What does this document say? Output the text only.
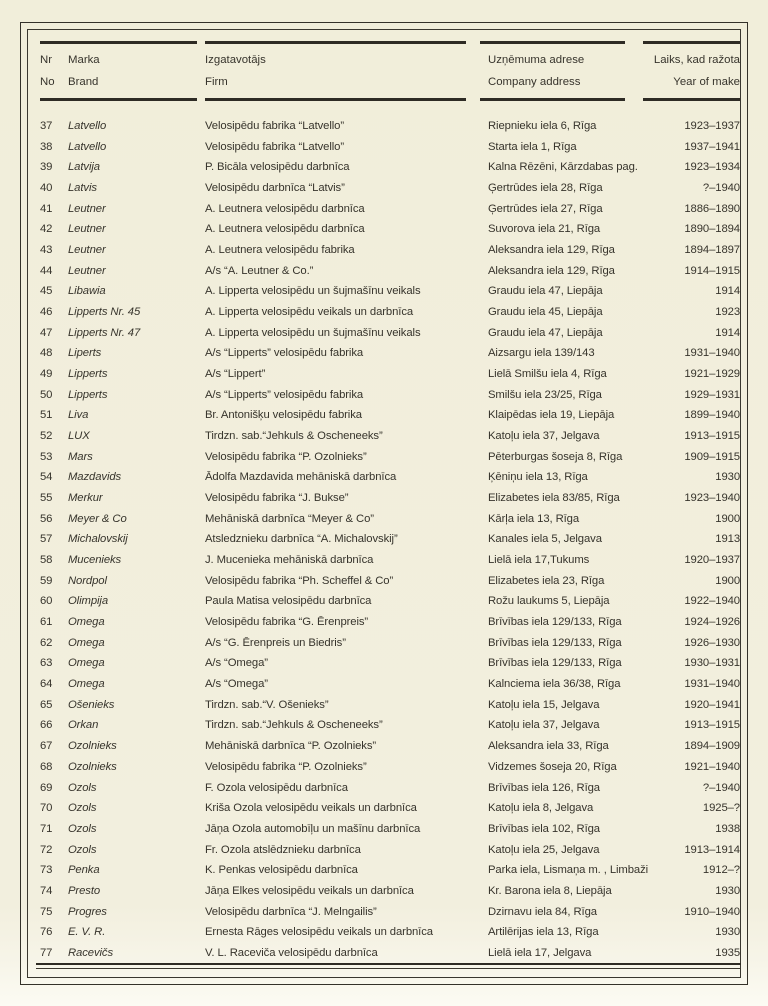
Nr Marka	Izgatavotājs	Uzņēmuma adrese	Laiks, kad ražota
No Brand	Firm	Company address	Year of make
37 Latvello	Velosipēdu fabrika “Latvello”	Riepnieku iela 6, Rīga	1923–1937
38 Latvello	Velosipēdu fabrika “Latvello”	Starta iela 1, Rīga	1937–1941
39 Latvija	P. Bicāla velosipēdu darbnīca	Kalna Rēzēni, Kārzdabas pag.	1923–1934
40 Latvis	Velosipēdu darbnīca “Latvis”	Ģertrūdes iela 28, Rīga	?–1940
41 Leutner	A. Leutnera velosipēdu darbnīca	Ģertrūdes iela 27, Rīga	1886–1890
42 Leutner	A. Leutnera velosipēdu darbnīca	Suvorova iela 21, Rīga	1890–1894
43 Leutner	A. Leutnera velosipēdu fabrika	Aleksandra iela 129, Rīga	1894–1897
44 Leutner	A/s “A. Leutner & Co.”	Aleksandra iela 129, Rīga	1914–1915
45 Libawia	A. Lipperta velosipēdu un šujmašīnu veikals	Graudu iela 47, Liepāja	1914
46 Lipperts Nr. 45	A. Lipperta velosipēdu veikals un darbnīca	Graudu iela 45, Liepāja	1923
47 Lipperts Nr. 47	A. Lipperta velosipēdu un šujmašīnu veikals	Graudu iela 47, Liepāja	1914
48 Liperts	A/s “Lipperts” velosipēdu fabrika	Aizsargu iela 139/143	1931–1940
49 Lipperts	A/s “Lippert”	Lielā Smilšu iela 4, Rīga	1921–1929
50 Lipperts	A/s “Lipperts” velosipēdu fabrika	Smilšu iela 23/25, Rīga	1929–1931
51 Liva	Br. Antonišķu velosipēdu fabrika	Klaipēdas iela 19, Liepāja	1899–1940
52 LUX	Tirdzn. sab.“Jehkuls & Oscheneeks”	Katoļu iela 37, Jelgava	1913–1915
53 Mars	Velosipēdu fabrika “P. Ozolnieks”	Pēterburgas šoseja 8, Rīga	1909–1915
54 Mazdavids	Ādolfa Mazdavida mehāniskā darbnīca	Ķēniņu iela 13, Rīga	1930
55 Merkur	Velosipēdu fabrika “J. Bukse”	Elizabetes iela 83/85, Rīga	1923–1940
56 Meyer & Co	Mehāniskā darbnīca “Meyer & Co”	Kārļa iela 13, Rīga	1900
57 Michalovskij	Atsledznieku darbnīca “A. Michalovskij”	Kanales iela 5, Jelgava	1913
58 Mucenieks	J. Mucenieka mehāniskā darbnīca	Lielā iela 17,Tukums	1920–1937
59 Nordpol	Velosipēdu fabrika “Ph. Scheffel & Co”	Elizabetes iela 23, Rīga	1900
60 Olimpija	Paula Matisa velosipēdu darbnīca	Rožu laukums 5, Liepāja	1922–1940
61 Omega	Velosipēdu fabrika “G. Ērenpreis”	Brīvības iela 129/133, Rīga	1924–1926
62 Omega	A/s “G. Ērenpreis un Biedris”	Brīvības iela 129/133, Rīga	1926–1930
63 Omega	A/s “Omega”	Brīvības iela 129/133, Rīga	1930–1931
64 Omega	A/s “Omega”	Kalnciema iela 36/38, Rīga	1931–1940
65 Ošenieks	Tirdzn. sab.“V. Ošenieks”	Katoļu iela 15, Jelgava	1920–1941
66 Orkan	Tirdzn. sab.“Jehkuls & Oscheneeks”	Katoļu iela 37, Jelgava	1913–1915
67 Ozolnieks	Mehāniskā darbnīca “P. Ozolnieks”	Aleksandra iela 33, Rīga	1894–1909
68 Ozolnieks	Velosipēdu fabrika “P. Ozolnieks”	Vidzemes šoseja 20, Rīga	1921–1940
69 Ozols	F. Ozola velosipēdu darbnīca	Brīvības iela 126, Rīga	?–1940
70 Ozols	Kriša Ozola velosipēdu veikals un darbnīca	Katoļu iela 8, Jelgava	1925–?
71 Ozols	Jāņa Ozola automobīļu un mašīnu darbnīca	Brīvības iela 102, Rīga	1938
72 Ozols	Fr. Ozola atslēdznieku darbnīca	Katoļu iela 25, Jelgava	1913–1914
73 Penka	K. Penkas velosipēdu darbnīca	Parka iela, Lismaņa m. , Limbaži	1912–?
74 Presto	Jāņa Elkes velosipēdu veikals un darbnīca	Kr. Barona iela 8, Liepāja	1930
75 Progres	Velosipēdu darbnīca “J. Melngailis”	Dzirnavu iela 84, Rīga	1910–1940
76 E. V. R.	Ernesta Rāges velosipēdu veikals un darbnīca	Artilērijas iela 13, Rīga	1930
77 Racevičs	V. L. Raceviča velosipēdu darbnīca	Lielā iela 17, Jelgava	1935
